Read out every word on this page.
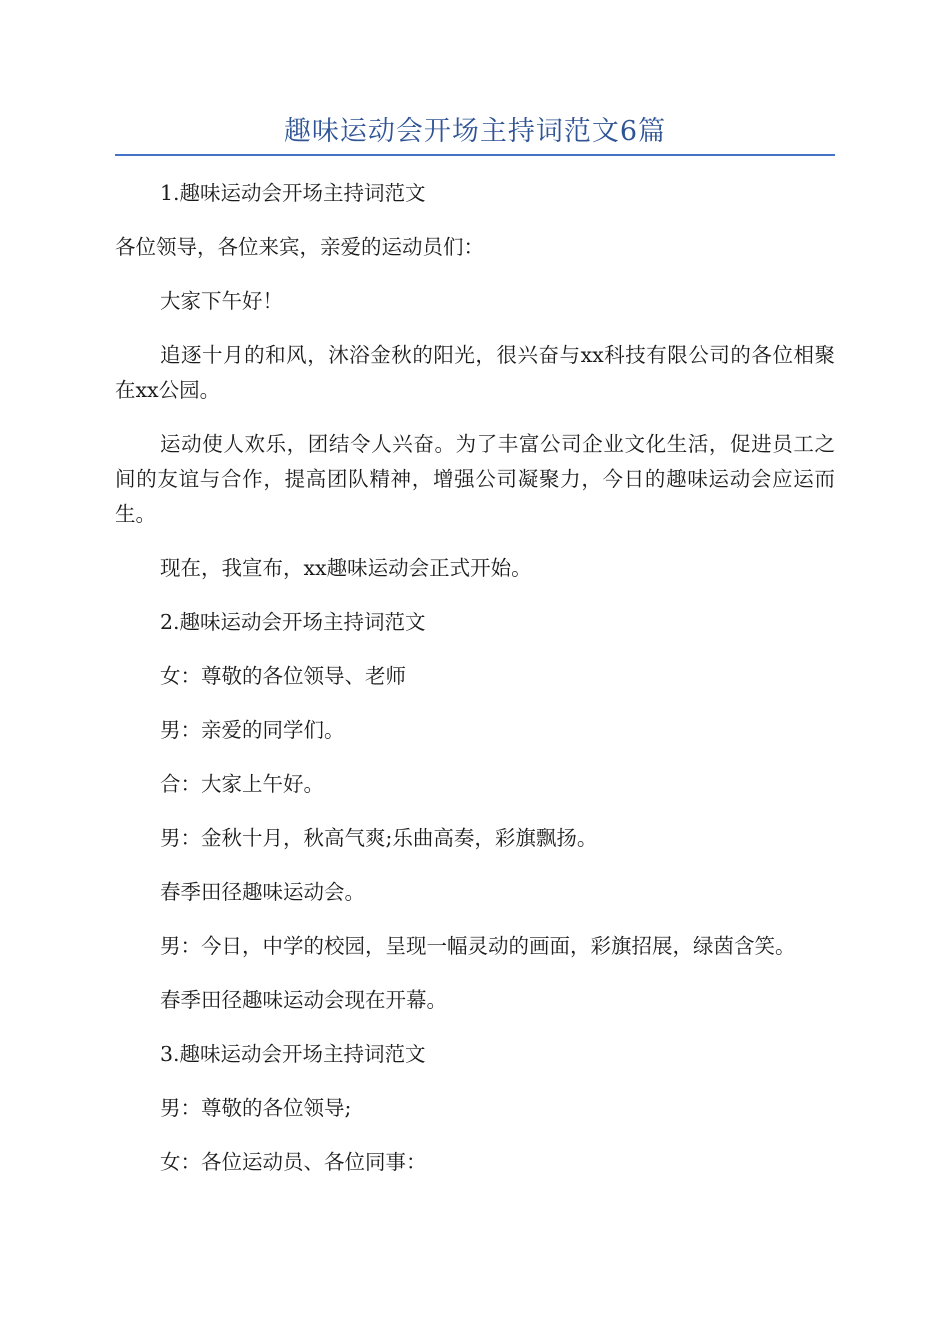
趣味运动会开场主持词范文6篇

1.趣味运动会开场主持词范文

各位领导，各位来宾，亲爱的运动员们：

大家下午好！

追逐十月的和风，沐浴金秋的阳光，很兴奋与xx科技有限公司的各位相聚在xx公园。

运动使人欢乐，团结令人兴奋。为了丰富公司企业文化生活，促进员工之间的友谊与合作，提高团队精神，增强公司凝聚力，今日的趣味运动会应运而生。

现在，我宣布，xx趣味运动会正式开始。

2.趣味运动会开场主持词范文

女：尊敬的各位领导、老师

男：亲爱的同学们。

合：大家上午好。

男：金秋十月，秋高气爽;乐曲高奏，彩旗飘扬。

春季田径趣味运动会。

男：今日，中学的校园，呈现一幅灵动的画面，彩旗招展，绿茵含笑。

春季田径趣味运动会现在开幕。

3.趣味运动会开场主持词范文

男：尊敬的各位领导;

女：各位运动员、各位同事：
